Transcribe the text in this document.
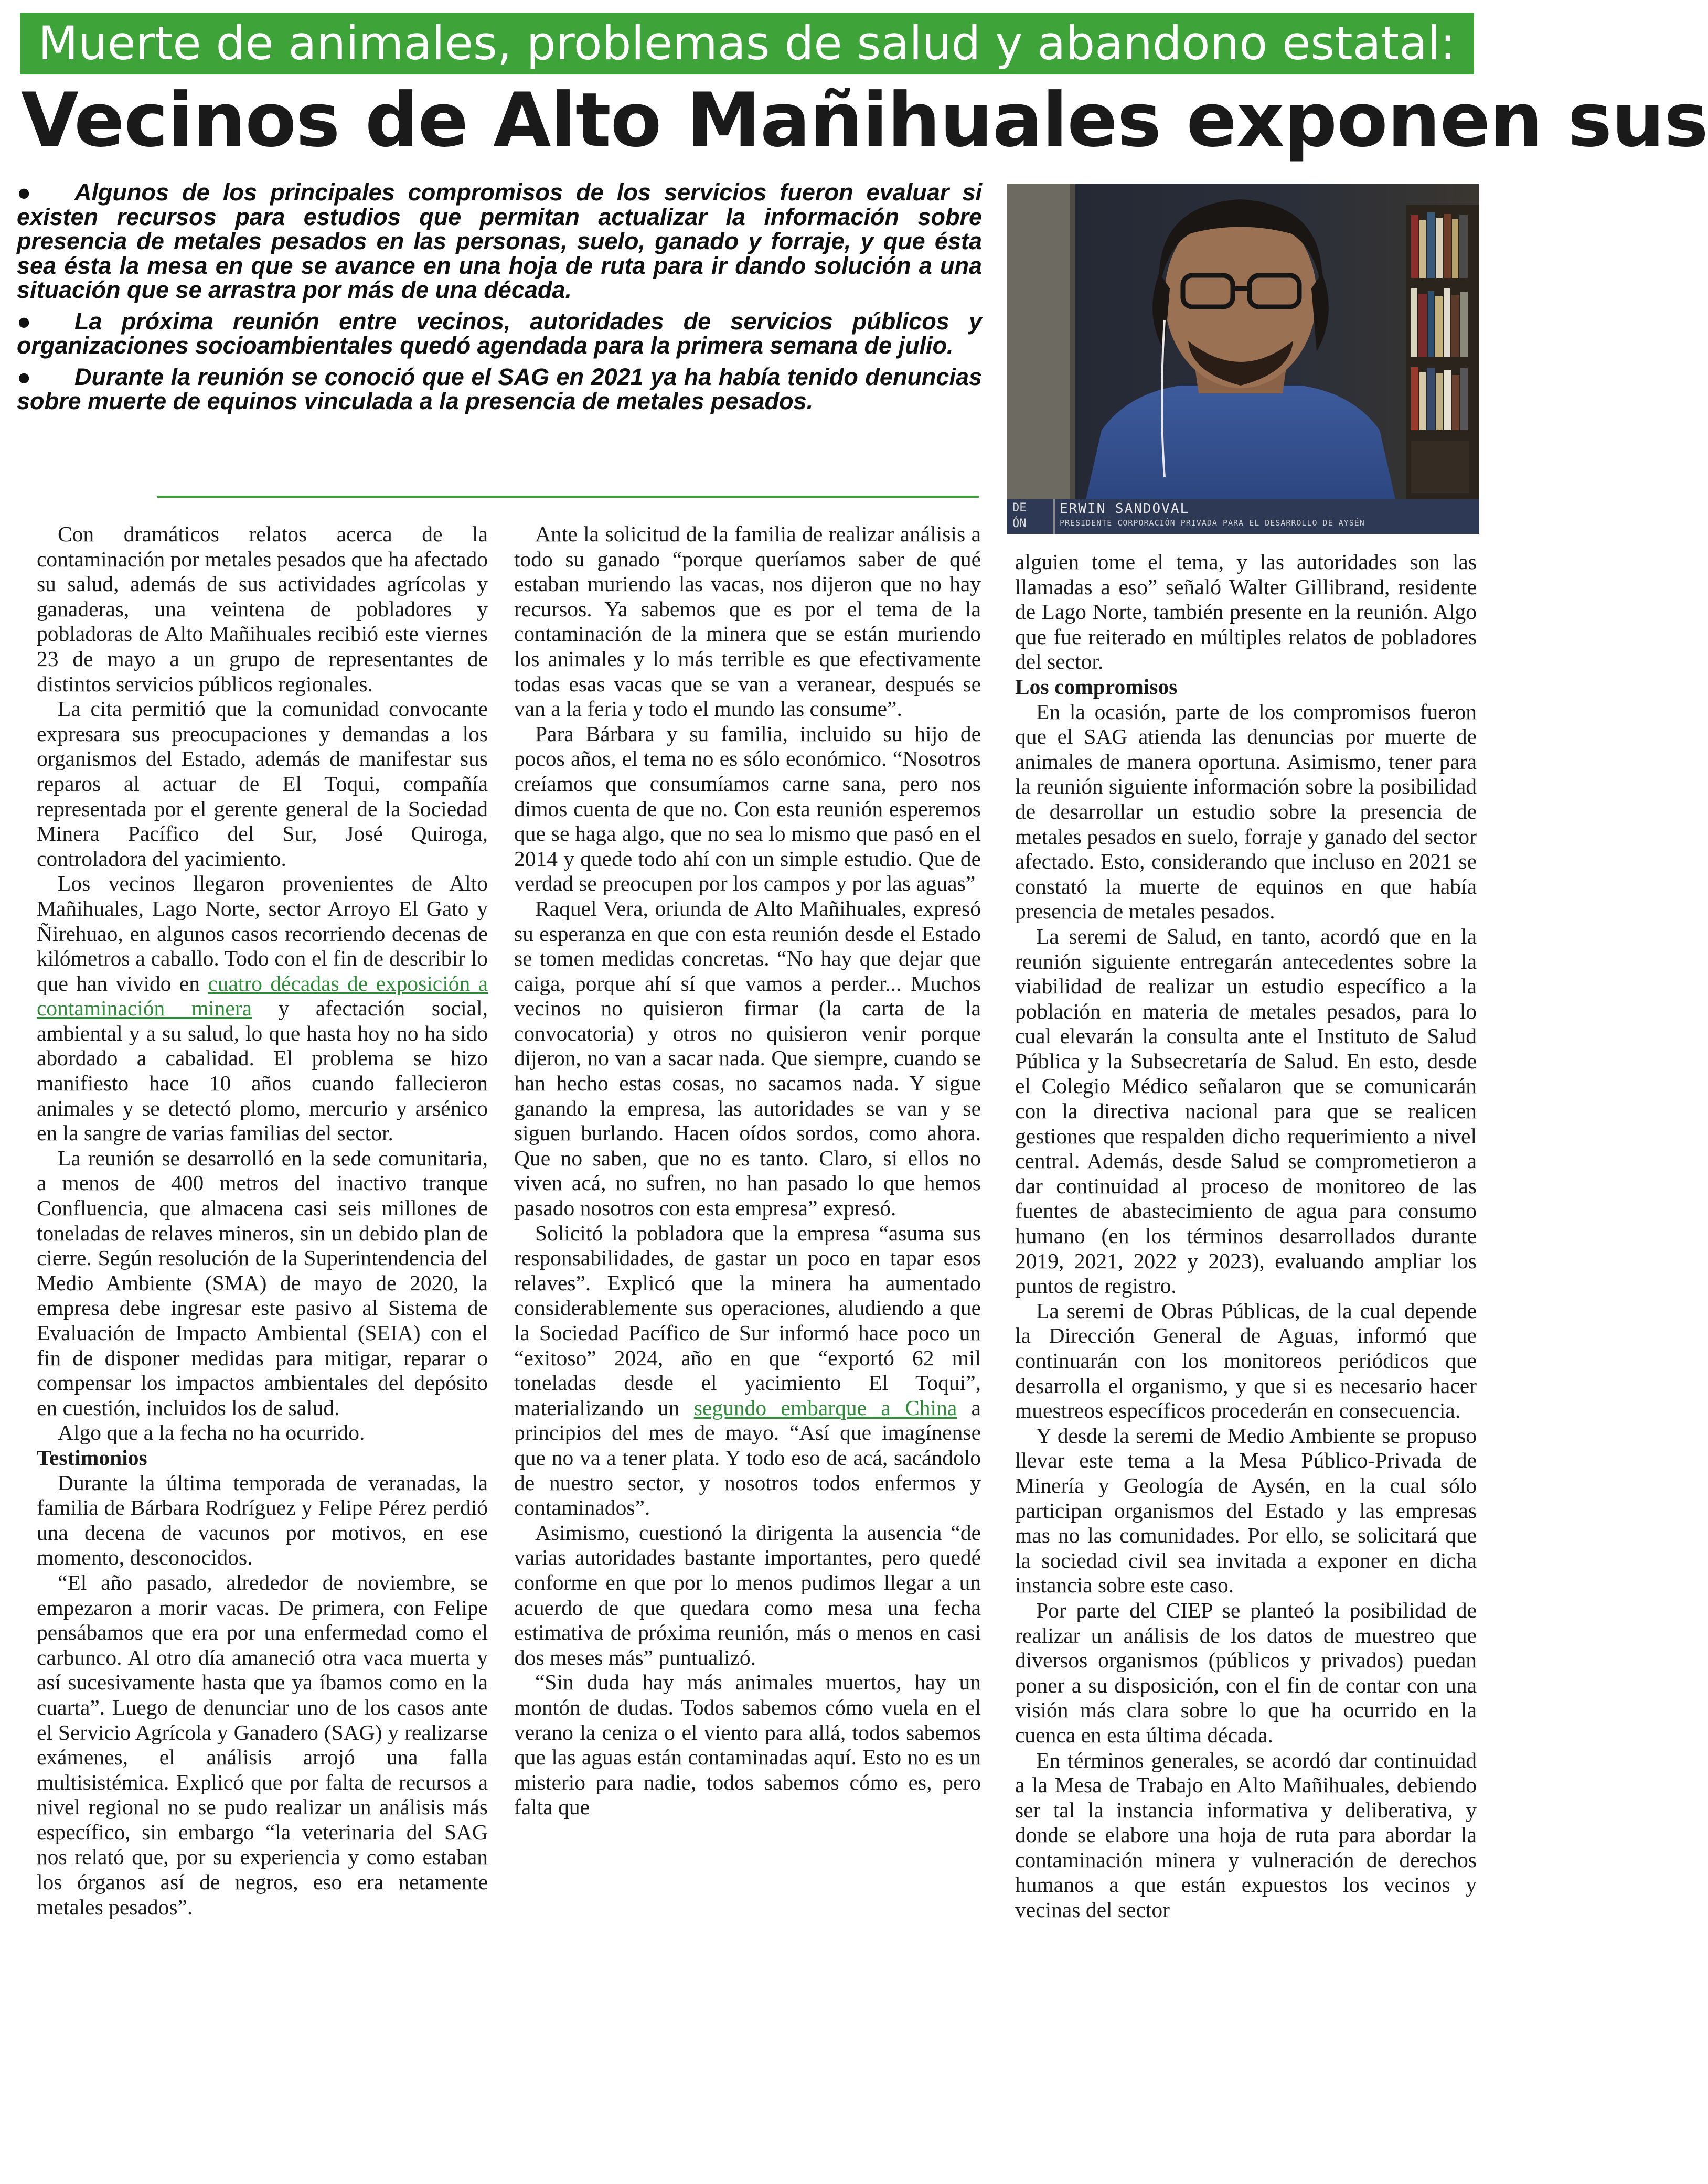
Muerte de animales, problemas de salud y abandono estatal:
Vecinos de Alto Mañihuales exponen sus

● Algunos de los principales compromisos de los servicios fueron evaluar si existen recursos para estudios que permitan actualizar la información sobre presencia de metales pesados en las personas, suelo, ganado y forraje, y que ésta sea ésta la mesa en que se avance en una hoja de ruta para ir dando solución a una situación que se arrastra por más de una década.

● La próxima reunión entre vecinos, autoridades de servicios públicos y organizaciones socioambientales quedó agendada para la primera semana de julio.

● Durante la reunión se conoció que el SAG en 2021 ya ha había tenido denuncias sobre muerte de equinos vinculada a la presencia de metales pesados.

DE
ÓN
ERWIN SANDOVAL
PRESIDENTE CORPORACIÓN PRIVADA PARA EL DESARROLLO DE AYSÉN

Con dramáticos relatos acerca de la contaminación por metales pesados que ha afectado su salud, además de sus actividades agrícolas y ganaderas, una veintena de pobladores y pobladoras de Alto Mañihuales recibió este viernes 23 de mayo a un grupo de representantes de distintos servicios públicos regionales.

La cita permitió que la comunidad convocante expresara sus preocupaciones y demandas a los organismos del Estado, además de manifestar sus reparos al actuar de El Toqui, compañía representada por el gerente general de la Sociedad Minera Pacífico del Sur, José Quiroga, controladora del yacimiento.

Los vecinos llegaron provenientes de Alto Mañihuales, Lago Norte, sector Arroyo El Gato y Ñirehuao, en algunos casos recorriendo decenas de kilómetros a caballo. Todo con el fin de describir lo que han vivido en cuatro décadas de exposición a contaminación minera y afectación social, ambiental y a su salud, lo que hasta hoy no ha sido abordado a cabalidad. El problema se hizo manifiesto hace 10 años cuando fallecieron animales y se detectó plomo, mercurio y arsénico en la sangre de varias familias del sector.

La reunión se desarrolló en la sede comunitaria, a menos de 400 metros del inactivo tranque Confluencia, que almacena casi seis millones de toneladas de relaves mineros, sin un debido plan de cierre. Según resolución de la Superintendencia del Medio Ambiente (SMA) de mayo de 2020, la empresa debe ingresar este pasivo al Sistema de Evaluación de Impacto Ambiental (SEIA) con el fin de disponer medidas para mitigar, reparar o compensar los impactos ambientales del depósito en cuestión, incluidos los de salud.

Algo que a la fecha no ha ocurrido.

Testimonios

Durante la última temporada de veranadas, la familia de Bárbara Rodríguez y Felipe Pérez perdió una decena de vacunos por motivos, en ese momento, desconocidos.

“El año pasado, alrededor de noviembre, se empezaron a morir vacas. De primera, con Felipe pensábamos que era por una enfermedad como el carbunco. Al otro día amaneció otra vaca muerta y así sucesivamente hasta que ya íbamos como en la cuarta”. Luego de denunciar uno de los casos ante el Servicio Agrícola y Ganadero (SAG) y realizarse exámenes, el análisis arrojó una falla multisistémica. Explicó que por falta de recursos a nivel regional no se pudo realizar un análisis más específico, sin embargo “la veterinaria del SAG nos relató que, por su experiencia y como estaban los órganos así de negros, eso era netamente metales pesados”.

Ante la solicitud de la familia de realizar análisis a todo su ganado “porque queríamos saber de qué estaban muriendo las vacas, nos dijeron que no hay recursos. Ya sabemos que es por el tema de la contaminación de la minera que se están muriendo los animales y lo más terrible es que efectivamente todas esas vacas que se van a veranear, después se van a la feria y todo el mundo las consume”.

Para Bárbara y su familia, incluido su hijo de pocos años, el tema no es sólo económico. “Nosotros creíamos que consumíamos carne sana, pero nos dimos cuenta de que no. Con esta reunión esperemos que se haga algo, que no sea lo mismo que pasó en el 2014 y quede todo ahí con un simple estudio. Que de verdad se preocupen por los campos y por las aguas”

Raquel Vera, oriunda de Alto Mañihuales, expresó su esperanza en que con esta reunión desde el Estado se tomen medidas concretas. “No hay que dejar que caiga, porque ahí sí que vamos a perder... Muchos vecinos no quisieron firmar (la carta de la convocatoria) y otros no quisieron venir porque dijeron, no van a sacar nada. Que siempre, cuando se han hecho estas cosas, no sacamos nada. Y sigue ganando la empresa, las autoridades se van y se siguen burlando. Hacen oídos sordos, como ahora. Que no saben, que no es tanto. Claro, si ellos no viven acá, no sufren, no han pasado lo que hemos pasado nosotros con esta empresa” expresó.

Solicitó la pobladora que la empresa “asuma sus responsabilidades, de gastar un poco en tapar esos relaves”. Explicó que la minera ha aumentado considerablemente sus operaciones, aludiendo a que la Sociedad Pacífico de Sur informó hace poco un “exitoso” 2024, año en que “exportó 62 mil toneladas desde el yacimiento El Toqui”, materializando un segundo embarque a China a principios del mes de mayo. “Así que imagínense que no va a tener plata. Y todo eso de acá, sacándolo de nuestro sector, y nosotros todos enfermos y contaminados”.

Asimismo, cuestionó la dirigenta la ausencia “de varias autoridades bastante importantes, pero quedé conforme en que por lo menos pudimos llegar a un acuerdo de que quedara como mesa una fecha estimativa de próxima reunión, más o menos en casi dos meses más” puntualizó.

“Sin duda hay más animales muertos, hay un montón de dudas. Todos sabemos cómo vuela en el verano la ceniza o el viento para allá, todos sabemos que las aguas están contaminadas aquí. Esto no es un misterio para nadie, todos sabemos cómo es, pero falta que

alguien tome el tema, y las autoridades son las llamadas a eso” señaló Walter Gillibrand, residente de Lago Norte, también presente en la reunión. Algo que fue reiterado en múltiples relatos de pobladores del sector.

Los compromisos

En la ocasión, parte de los compromisos fueron que el SAG atienda las denuncias por muerte de animales de manera oportuna. Asimismo, tener para la reunión siguiente información sobre la posibilidad de desarrollar un estudio sobre la presencia de metales pesados en suelo, forraje y ganado del sector afectado. Esto, considerando que incluso en 2021 se constató la muerte de equinos en que había presencia de metales pesados.

La seremi de Salud, en tanto, acordó que en la reunión siguiente entregarán antecedentes sobre la viabilidad de realizar un estudio específico a la población en materia de metales pesados, para lo cual elevarán la consulta ante el Instituto de Salud Pública y la Subsecretaría de Salud. En esto, desde el Colegio Médico señalaron que se comunicarán con la directiva nacional para que se realicen gestiones que respalden dicho requerimiento a nivel central. Además, desde Salud se comprometieron a dar continuidad al proceso de monitoreo de las fuentes de abastecimiento de agua para consumo humano (en los términos desarrollados durante 2019, 2021, 2022 y 2023), evaluando ampliar los puntos de registro.

La seremi de Obras Públicas, de la cual depende la Dirección General de Aguas, informó que continuarán con los monitoreos periódicos que desarrolla el organismo, y que si es necesario hacer muestreos específicos procederán en consecuencia.

Y desde la seremi de Medio Ambiente se propuso llevar este tema a la Mesa Público-Privada de Minería y Geología de Aysén, en la cual sólo participan organismos del Estado y las empresas mas no las comunidades. Por ello, se solicitará que la sociedad civil sea invitada a exponer en dicha instancia sobre este caso.

Por parte del CIEP se planteó la posibilidad de realizar un análisis de los datos de muestreo que diversos organismos (públicos y privados) puedan poner a su disposición, con el fin de contar con una visión más clara sobre lo que ha ocurrido en la cuenca en esta última década.

En términos generales, se acordó dar continuidad a la Mesa de Trabajo en Alto Mañihuales, debiendo ser tal la instancia informativa y deliberativa, y donde se elabore una hoja de ruta para abordar la contaminación minera y vulneración de derechos humanos a que están expuestos los vecinos y vecinas del sector
